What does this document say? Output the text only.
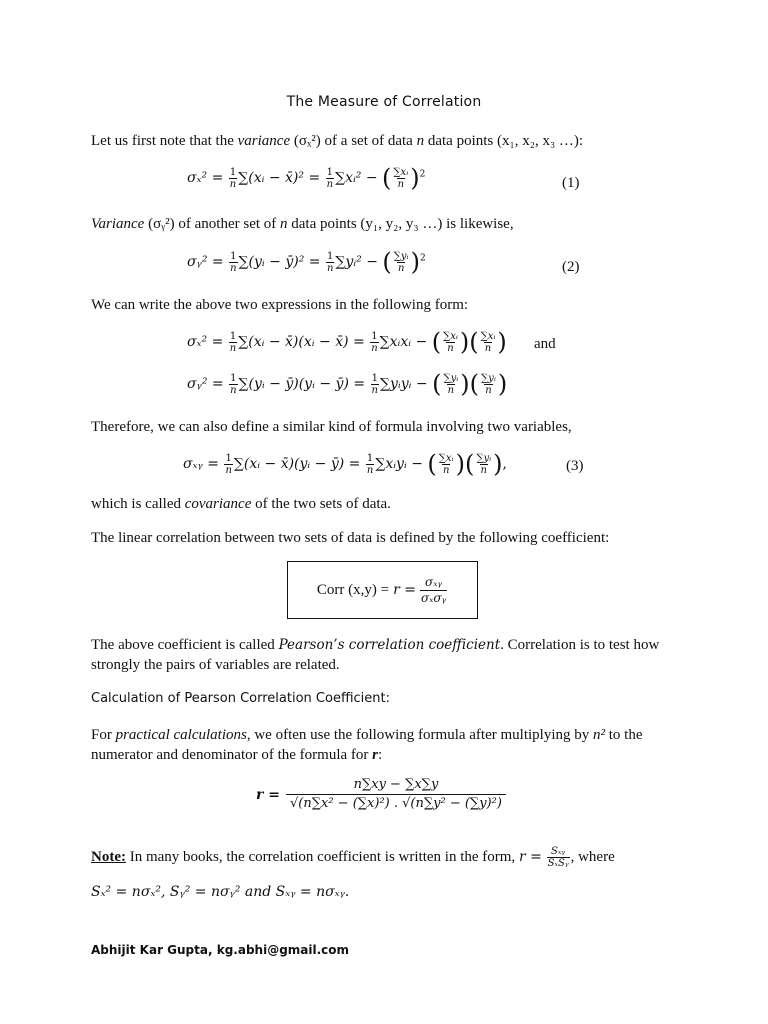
The Measure of Correlation
Let us first note that the variance (σₓ²) of a set of data n data points (x₁, x₂, x₃ …):
$\sigma_x^2 = \frac{1}{n}$ ∑(xᵢ − x̄)² = $\frac{1}{n}$ ∑xᵢ² − ( $\frac{\text{∑xᵢ}}{n} )^2$
(1)
Variance (σᵧ²) of another set of n data points (y₁, y₂, y₃ …) is likewise,
σᵧ² = $\frac{1}{n}$ ∑(yᵢ − ȳ)² = $\frac{1}{n}$ ∑yᵢ² − ( $\frac{\text{∑yᵢ}}{n} )^2$
(2)
We can write the above two expressions in the following form:
$\sigma_x^2 = \frac{1}{n}$ ∑(xᵢ − x̄)(xᵢ − x̄) = $\frac{1}{n}$ ∑xᵢxᵢ − ( $\frac{\text{∑xᵢ}}{n}$ )( $\frac{\text{∑xᵢ}}{n}$ ) and
σᵧ² = $\frac{1}{n}$ ∑(yᵢ − ȳ)(yᵢ − ȳ) = $\frac{1}{n}$ ∑yᵢyᵢ − ( $\frac{\text{∑yᵢ}}{n}$ )( $\frac{\text{∑yᵢ}}{n}$ )
Therefore, we can also define a similar kind of formula involving two variables,
σₓᵧ = $\frac{1}{n}$ ∑(xᵢ − x̄)(yᵢ − ȳ) = $\frac{1}{n}$ ∑xᵢyᵢ − ( $\frac{\text{∑xᵢ}}{n}$ )( $\frac{\text{∑yᵢ}}{n}$ ),	(3)
which is called covariance of the two sets of data.
The linear correlation between two sets of data is defined by the following coefficient:
Corr $(x,y) = r = \frac{\text{σₓᵧ}}{\text{σₓσᵧ}}$
The above coefficient is called Pearson’s correlation coefficient. Correlation is to test how strongly the pairs of variables are related.
Calculation of Pearson Correlation Coefficient:
For practical calculations, we often use the following formula after multiplying by n² to the numerator and denominator of the formula for r:
$r = \frac{n\sum xy - \sum x\sum y}{\text{√(n∑x² − (∑x)²) . √(n∑y² − (∑y)²)}}$
Note: In many books, the correlation coefficient is written in the form, $r = \frac{\text{Sₓᵧ}}{\text{SₓSᵧ}}$ , where
Sₓ² = nσₓ², Sᵧ² = nσᵧ² and Sₓᵧ = nσₓᵧ.
Abhijit Kar Gupta, kg.abhi@gmail.com
